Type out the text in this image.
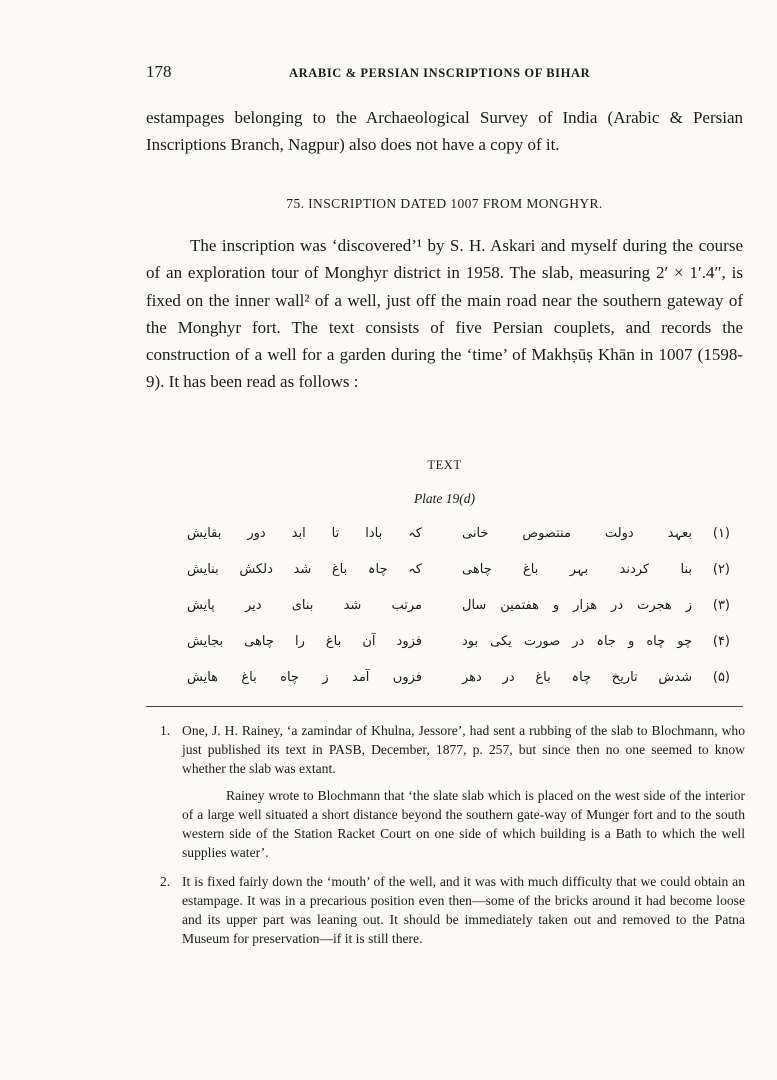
178	ARABIC & PERSIAN INSCRIPTIONS OF BIHAR
estampages belonging to the Archaeological Survey of India (Arabic & Persian Inscriptions Branch, Nagpur) also does not have a copy of it.
75. INSCRIPTION DATED 1007 FROM MONGHYR.
The inscription was ‘discovered’¹ by S. H. Askari and myself during the course of an exploration tour of Monghyr district in 1958. The slab, measuring 2′ × 1′.4″, is fixed on the inner wall² of a well, just off the main road near the southern gateway of the Monghyr fort. The text consists of five Persian couplets, and records the construction of a well for a garden during the ‘time’ of Makhṣūṣ Khān in 1007 (1598-9). It has been read as follows :
TEXT
Plate 19(d)
(۱)
بعہد دولت منتصوص خانی
کہ بادا تا ابد دور بقایش
(۲)
بنا کردند بہر باغ چاهی
کہ چاہ باغ شد دلکش بنایش
(۳)
ز هجرت در هزار و هفتمین سال
مرتب شد بنای دیر پایش
(۴)
چو چاه و جاہ در صورت یکی بود
فزود آن باغ را چاهی بجایش
(۵)
شدش تاریخ چاہ باغ در دهر
فزوں آمد ز چاه باغ هایش
1. One, J. H. Rainey, ‘a zamindar of Khulna, Jessore’, had sent a rubbing of the slab to Blochmann, who just published its text in PASB, December, 1877, p. 257, but since then no one seemed to know whether the slab was extant.
Rainey wrote to Blochmann that ‘the slate slab which is placed on the west side of the interior of a large well situated a short distance beyond the southern gate-way of Munger fort and to the south western side of the Station Racket Court on one side of which building is a Bath to which the well supplies water’.
2. It is fixed fairly down the ‘mouth’ of the well, and it was with much difficulty that we could obtain an estampage. It was in a precarious position even then—some of the bricks around it had become loose and its upper part was leaning out. It should be immediately taken out and removed to the Patna Museum for preservation—if it is still there.
